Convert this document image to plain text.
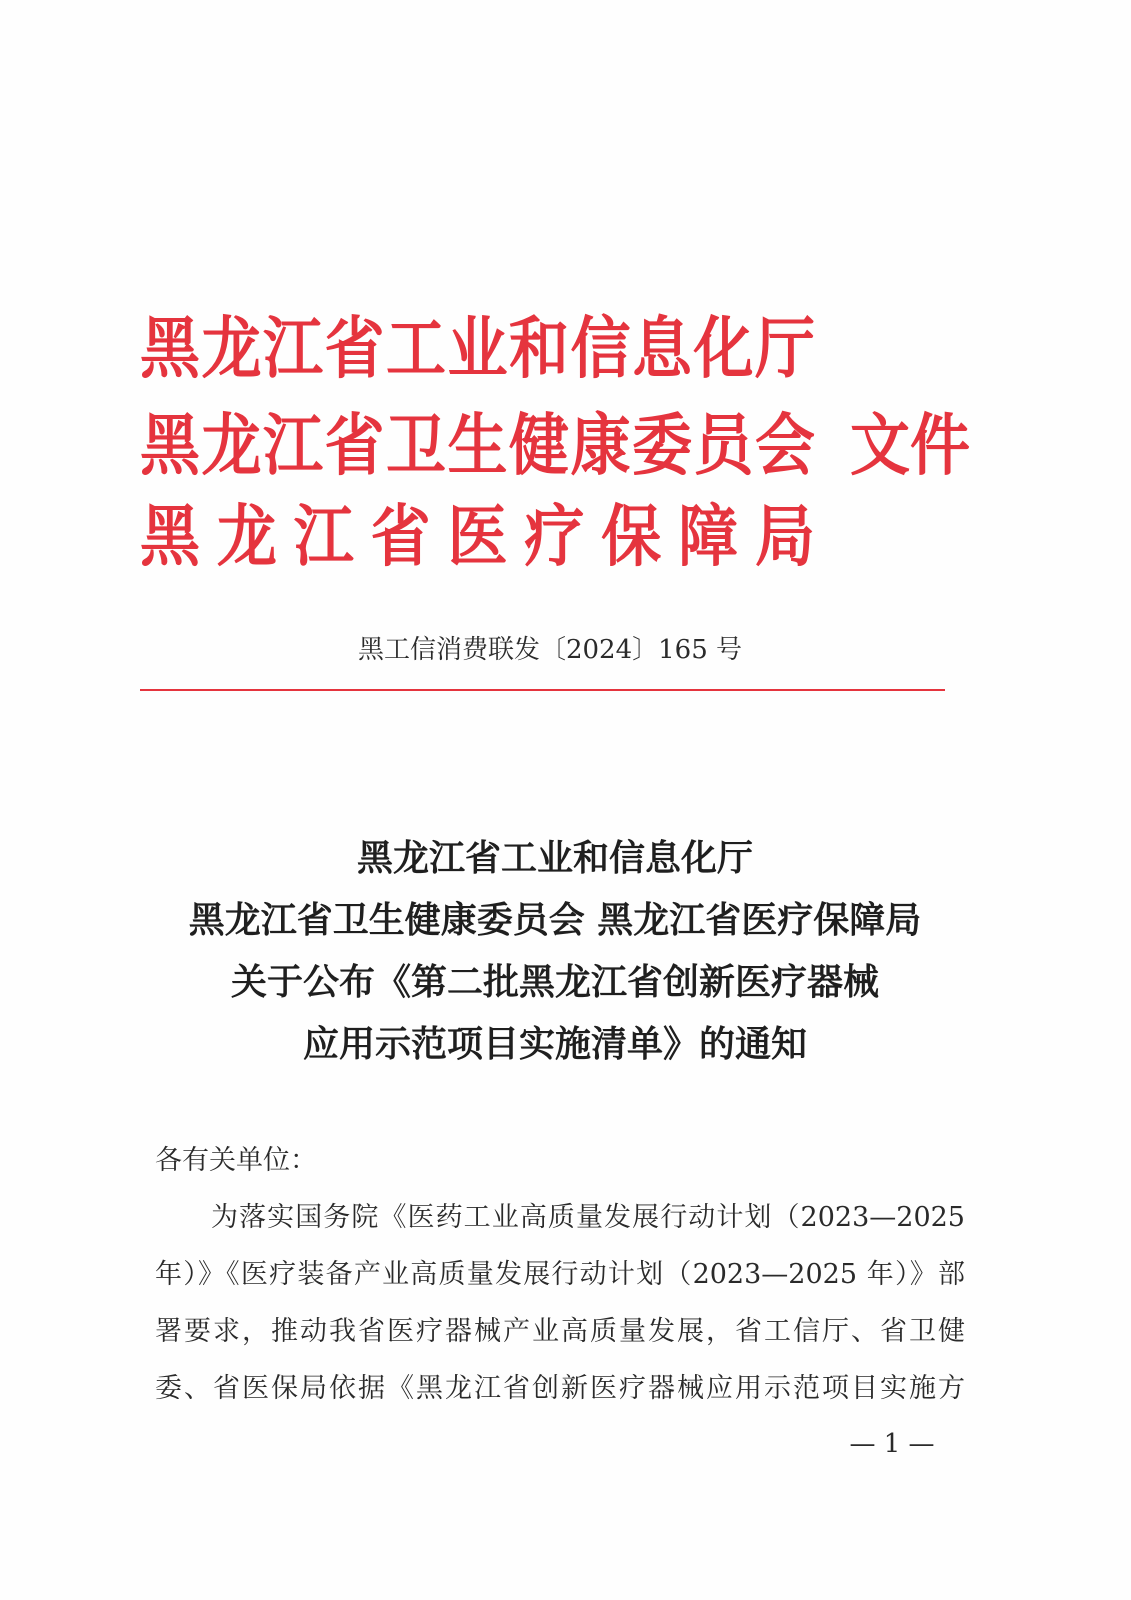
黑龙江省工业和信息化厅
黑龙江省卫生健康委员会
黑龙江省医疗保障局
文件
黑工信消费联发〔2024〕165 号
黑龙江省工业和信息化厅
黑龙江省卫生健康委员会 黑龙江省医疗保障局
关于公布《第二批黑龙江省创新医疗器械
应用示范项目实施清单》的通知
各有关单位：
为落实国务院《医药工业高质量发展行动计划（2023—2025
年）》《医疗装备产业高质量发展行动计划（2023—2025 年）》部
署要求，推动我省医疗器械产业高质量发展，省工信厅、省卫健
委、省医保局依据《黑龙江省创新医疗器械应用示范项目实施方
— 1 —
